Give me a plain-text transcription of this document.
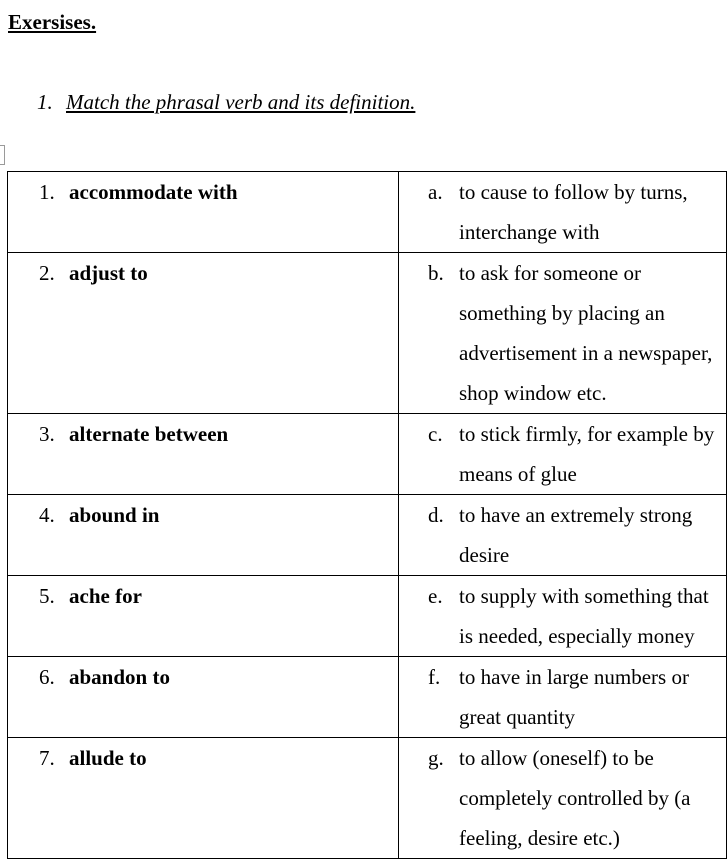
Exersises.
1. Match the phrasal verb and its definition.
1. accommodate with	a. to cause to follow by turns, interchange with

2. adjust to	b. to ask for someone or something by placing an advertisement in a newspaper, shop window etc.

3. alternate between	c. to stick firmly, for example by means of glue

4. abound in	d. to have an extremely strong desire

5. ache for	e. to supply with something that is needed, especially money

6. abandon to	f. to have in large numbers or great quantity

7. allude to	g. to allow (oneself) to be completely controlled by (a feeling, desire etc.)
